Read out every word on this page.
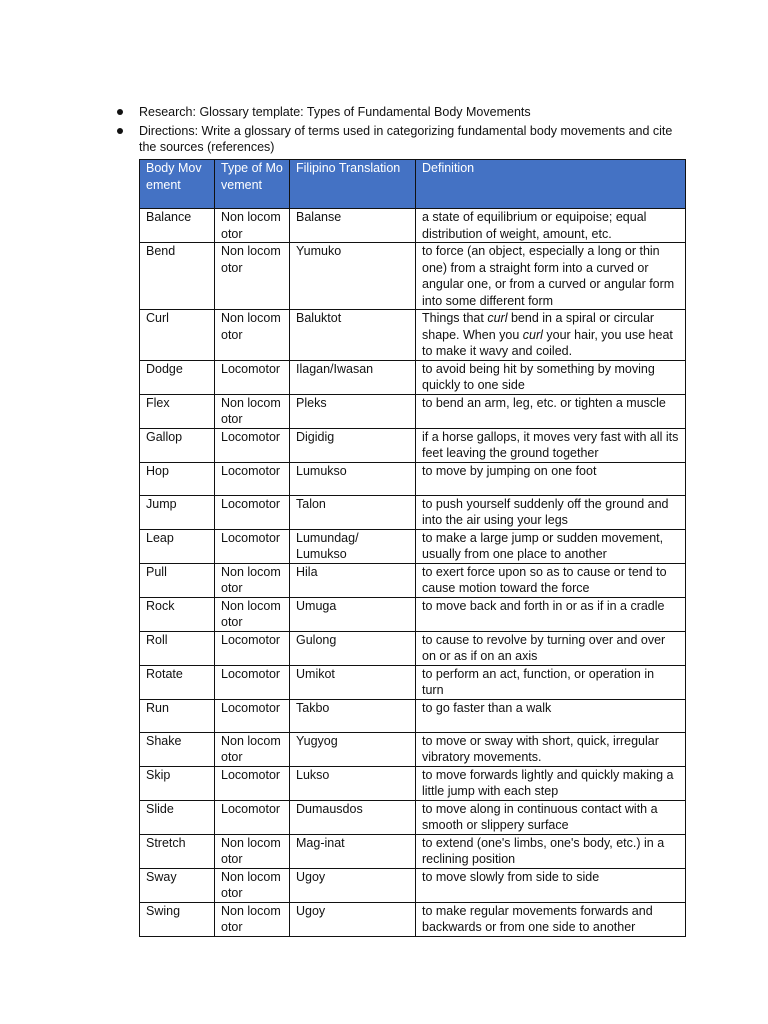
Research: Glossary template: Types of Fundamental Body Movements
Directions: Write a glossary of terms used in categorizing fundamental body movements and cite the sources (references)
Body Movement	Type of Movement	Filipino Translation	Definition
Balance	Non locomotor	Balanse	a state of equilibrium or equipoise; equal distribution of weight, amount, etc.
Bend	Non locomotor	Yumuko	to force (an object, especially a long or thin one) from a straight form into a curved or angular one, or from a curved or angular form into some different form
Curl	Non locomotor	Baluktot	Things that curl bend in a spiral or circular shape. When you curl your hair, you use heat to make it wavy and coiled.
Dodge	Locomotor	Ilagan/Iwasan	to avoid being hit by something by moving quickly to one side
Flex	Non locomotor	Pleks	to bend an arm, leg, etc. or tighten a muscle
Gallop	Locomotor	Digidig	if a horse gallops, it moves very fast with all its feet leaving the ground together
Hop	Locomotor	Lumukso	to move by jumping on one foot
Jump	Locomotor	Talon	to push yourself suddenly off the ground and into the air using your legs
Leap	Locomotor	Lumundag/ Lumukso	to make a large jump or sudden movement, usually from one place to another
Pull	Non locomotor	Hila	to exert force upon so as to cause or tend to cause motion toward the force
Rock	Non locomotor	Umuga	to move back and forth in or as if in a cradle
Roll	Locomotor	Gulong	to cause to revolve by turning over and over on or as if on an axis
Rotate	Locomotor	Umikot	to perform an act, function, or operation in turn
Run	Locomotor	Takbo	to go faster than a walk
Shake	Non locomotor	Yugyog	to move or sway with short, quick, irregular vibratory movements.
Skip	Locomotor	Lukso	to move forwards lightly and quickly making a little jump with each step
Slide	Locomotor	Dumausdos	to move along in continuous contact with a smooth or slippery surface
Stretch	Non locomotor	Mag-inat	to extend (one's limbs, one's body, etc.) in a reclining position
Sway	Non locomotor	Ugoy	to move slowly from side to side
Swing	Non locomotor	Ugoy	to make regular movements forwards and backwards or from one side to another
